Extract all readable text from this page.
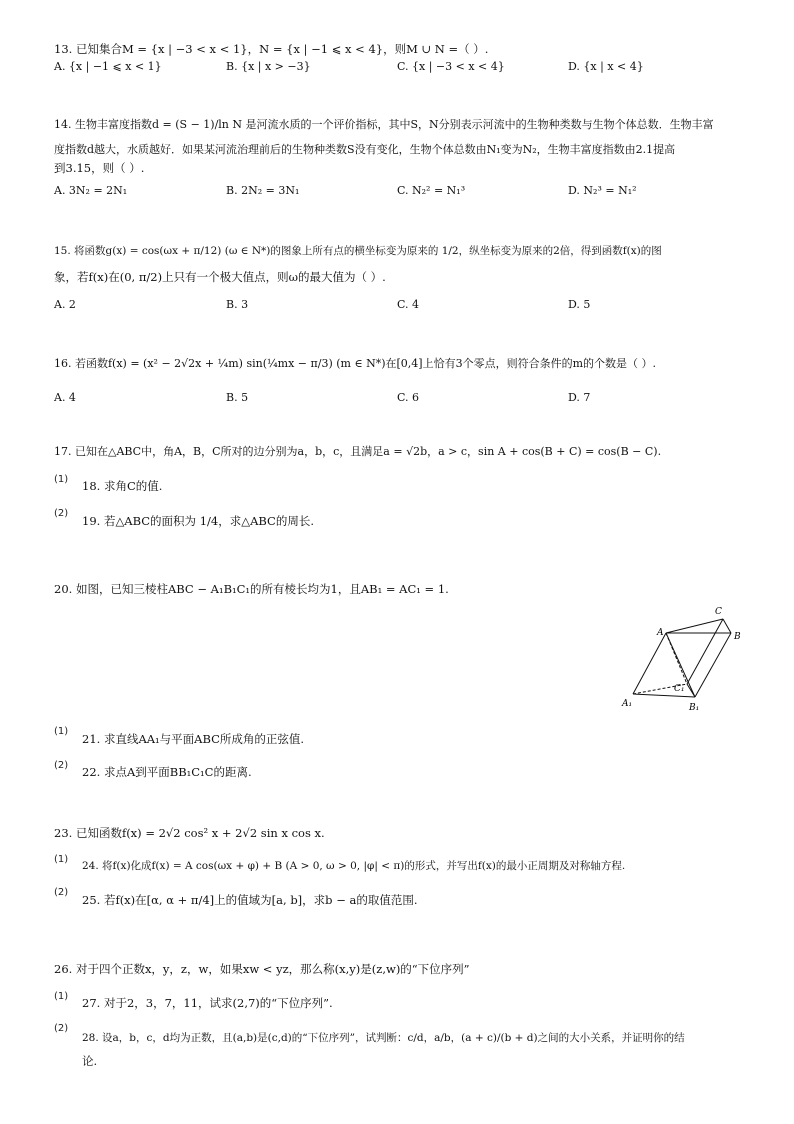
13. 已知集合M = {x | −3 < x < 1}，N = {x | −1 ⩽ x < 4}，则M ∪ N =（ ）.
A. {x | −1 ⩽ x < 1}	B. {x | x > −3}	C. {x | −3 < x < 4}	D. {x | x < 4}
14. 生物丰富度指数d = (S − 1)/ln N 是河流水质的一个评价指标，其中S，N分别表示河流中的生物种类数与生物个体总数．生物丰富
度指数d越大，水质越好．如果某河流治理前后的生物种类数S没有变化，生物个体总数由N₁变为N₂，生物丰富度指数由2.1提高
到3.15，则（ ）.
A. 3N₂ = 2N₁	B. 2N₂ = 3N₁	C. N₂² = N₁³	D. N₂³ = N₁²
15. 将函数g(x) = cos(ωx + π/12) (ω ∈ N*)的图象上所有点的横坐标变为原来的 1/2，纵坐标变为原来的2倍，得到函数f(x)的图
象，若f(x)在(0, π/2)上只有一个极大值点，则ω的最大值为（ ）.
A. 2	B. 3	C. 4	D. 5
16. 若函数f(x) = (x² − 2√2x + ¼m) sin(¼mx − π/3) (m ∈ N*)在[0,4]上恰有3个零点，则符合条件的m的个数是（ ）.
A. 4	B. 5	C. 6	D. 7
17. 已知在△ABC中，角A，B，C所对的边分别为a，b，c，且满足a = √2b，a > c，sin A + cos(B + C) = cos(B − C).
(1) 18. 求角C的值.
(2)
19. 若△ABC的面积为 1/4，求△ABC的周长.
20. 如图，已知三棱柱ABC − A₁B₁C₁的所有棱长均为1，且AB₁ = AC₁ = 1.
C
A	B
C₁
A₁	B₁
(1)
21. 求直线AA₁与平面ABC所成角的正弦值.
(2) 22. 求点A到平面BB₁C₁C的距离.
23. 已知函数f(x) = 2√2 cos² x + 2√2 sin x cos x.
(1)
24. 将f(x)化成f(x) = A cos(ωx + φ) + B (A > 0, ω > 0, |φ| < π)的形式，并写出f(x)的最小正周期及对称轴方程.
(2)
25. 若f(x)在[α, α + π/4]上的值域为[a, b]，求b − a的取值范围.
26. 对于四个正数x，y，z，w，如果xw < yz，那么称(x,y)是(z,w)的“下位序列”
(1) 27. 对于2，3，7，11，试求(2,7)的“下位序列”.
(2)
28. 设a，b，c，d均为正数，且(a,b)是(c,d)的“下位序列”，试判断：c/d，a/b，(a + c)/(b + d)之间的大小关系，并证明你的结
论.
